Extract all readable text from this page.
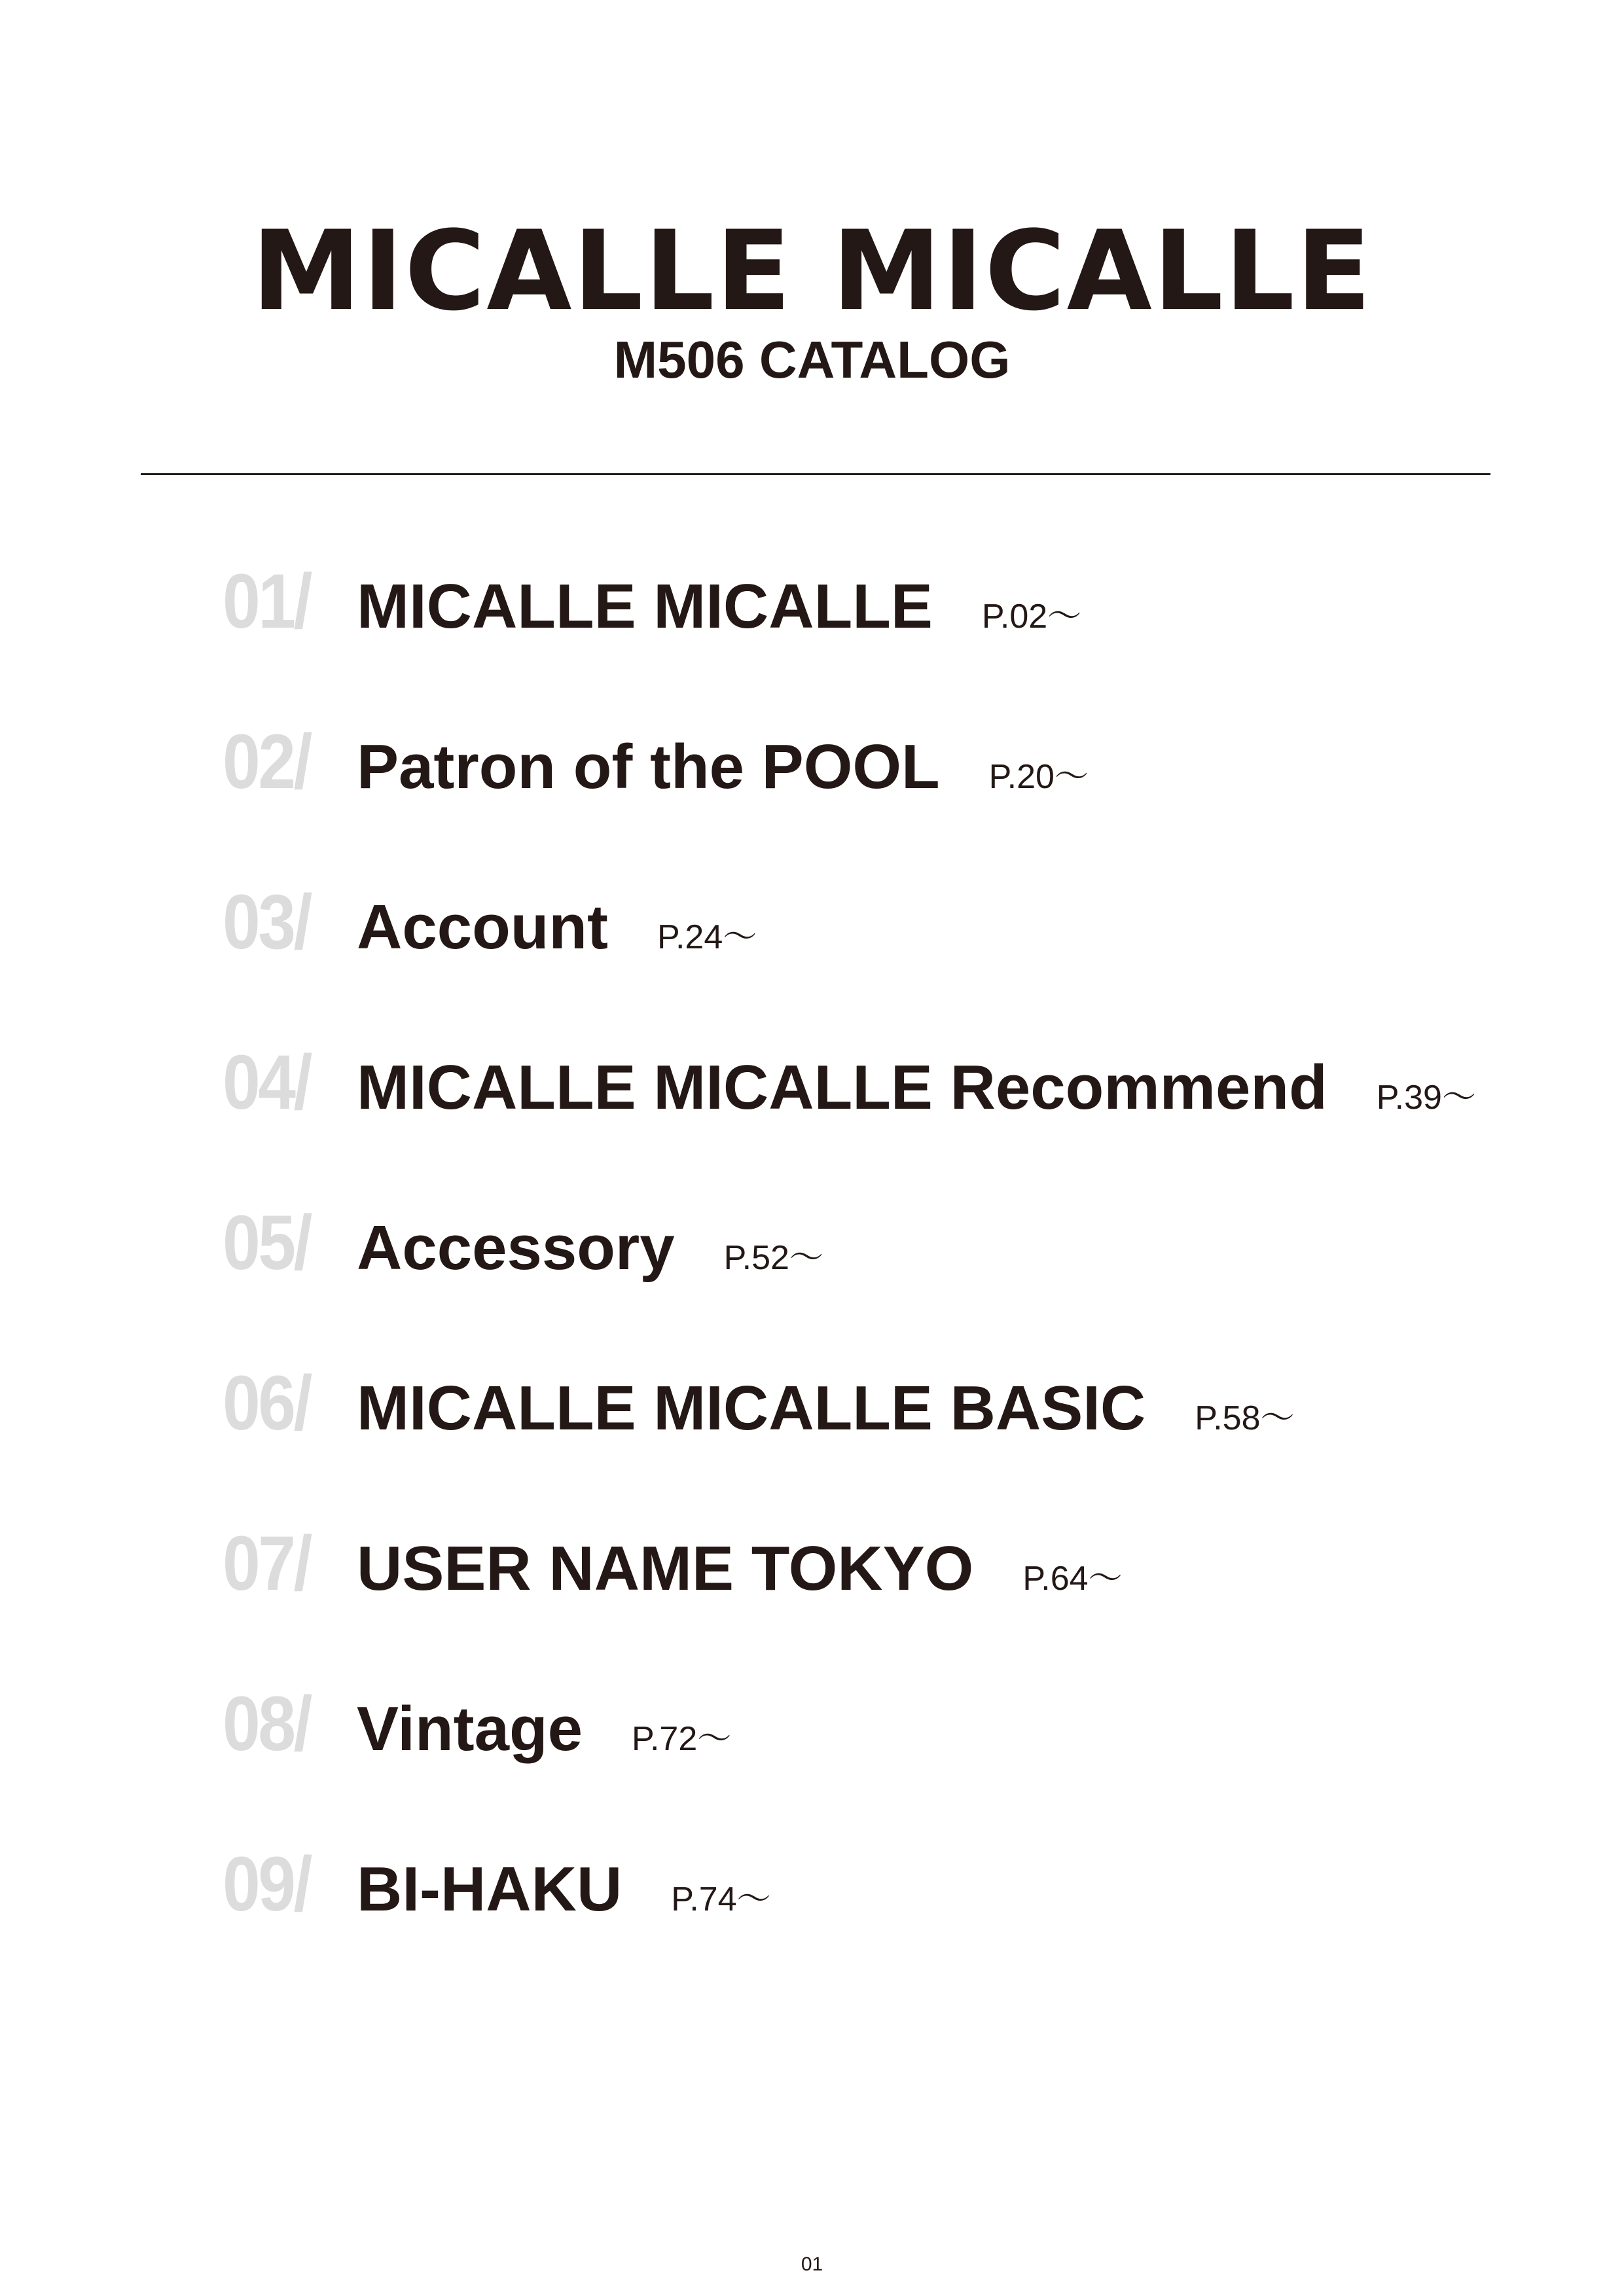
MICALLE MICALLE
M506 CATALOG
01/ MICALLE MICALLE P.02～
02/ Patron of the POOL P.20～
03/ Account P.24～
04/ MICALLE MICALLE Recommend P.39～
05/ Accessory P.52～
06/ MICALLE MICALLE BASIC P.58～
07/ USER NAME TOKYO P.64～
08/ Vintage P.72～
09/ BI-HAKU P.74～
01
